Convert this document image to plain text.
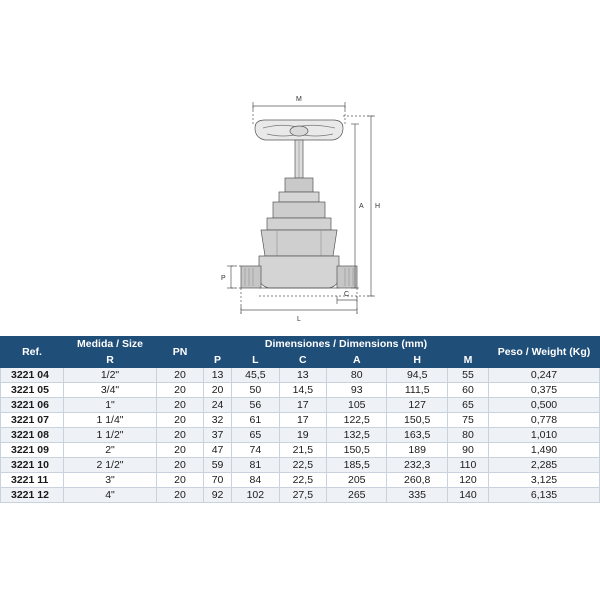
M
A H
P
L
C
Ref.	Medida / Size	PN	Dimensiones / Dimensions (mm)						Peso / Weight (Kg)
	R		P	L	C	A	H	M	
3221 04	1/2"	20	13	45,5	13	80	94,5	55	0,247
3221 05	3/4"	20	20	50	14,5	93	111,5	60	0,375
3221 06	1"	20	24	56	17	105	127	65	0,500
3221 07	1 1/4"	20	32	61	17	122,5	150,5	75	0,778
3221 08	1 1/2"	20	37	65	19	132,5	163,5	80	1,010
3221 09	2"	20	47	74	21,5	150,5	189	90	1,490
3221 10	2 1/2"	20	59	81	22,5	185,5	232,3	110	2,285
3221 11	3"	20	70	84	22,5	205	260,8	120	3,125
3221 12	4"	20	92	102	27,5	265	335	140	6,135
